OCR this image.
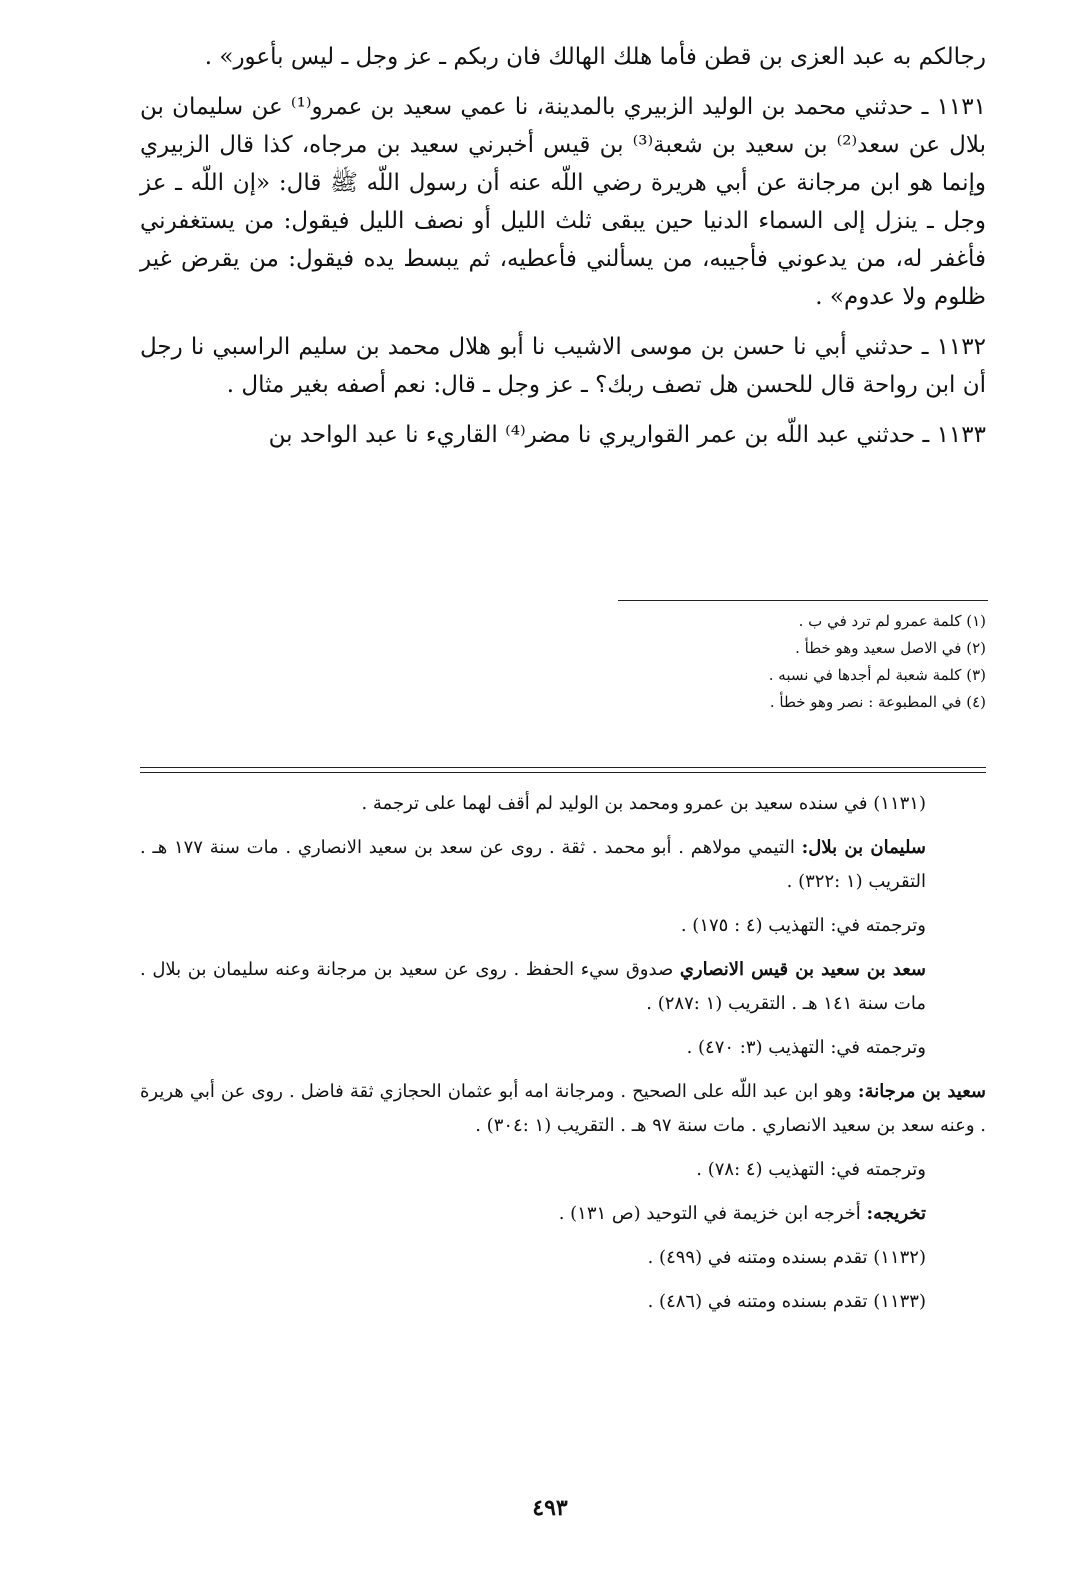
رجالكم به عبد العزى بن قطن فأما هلك الهالك فان ربكم ـ عز وجل ـ ليس بأعور» .

١١٣١ ـ حدثني محمد بن الوليد الزبيري بالمدينة، نا عمي سعيد بن عمرو⁽¹⁾ عن سليمان بن بلال عن سعد⁽²⁾ بن سعيد بن شعبة⁽³⁾ بن قيس أخبرني سعيد بن مرجاه، كذا قال الزبيري وإنما هو ابن مرجانة عن أبي هريرة رضي اللّه عنه أن رسول اللّه ﷺ قال: «إن اللّه ـ عز وجل ـ ينزل إلى السماء الدنيا حين يبقى ثلث الليل أو نصف الليل فيقول: من يستغفرني فأغفر له، من يدعوني فأجيبه، من يسألني فأعطيه، ثم يبسط يده فيقول: من يقرض غير ظلوم ولا عدوم» .

١١٣٢ ـ حدثني أبي نا حسن بن موسى الاشيب نا أبو هلال محمد بن سليم الراسبي نا رجل أن ابن رواحة قال للحسن هل تصف ربك؟ ـ عز وجل ـ قال: نعم أصفه بغير مثال .

١١٣٣ ـ حدثني عبد اللّه بن عمر القواريري نا مضر⁽⁴⁾ القاريء نا عبد الواحد بن

(١) كلمة عمرو لم ترد في ب .
(٢) في الاصل سعيد وهو خطأ .
(٣) كلمة شعبة لم أجدها في نسبه .
(٤) في المطبوعة : نصر وهو خطأ .

(١١٣١) في سنده سعيد بن عمرو ومحمد بن الوليد لم أقف لهما على ترجمة .

سليمان بن بلال: التيمي مولاهم . أبو محمد . ثقة . روى عن سعد بن سعيد الانصاري . مات سنة ١٧٧ هـ . التقريب (١ :٣٢٢) .

وترجمته في: التهذيب (٤ : ١٧٥) .

سعد بن سعيد بن قيس الانصاري صدوق سيء الحفظ . روى عن سعيد بن مرجانة وعنه سليمان بن بلال . مات سنة ١٤١ هـ . التقريب (١ :٢٨٧) .

وترجمته في: التهذيب (٣: ٤٧٠) .

سعيد بن مرجانة: وهو ابن عبد اللّه على الصحيح . ومرجانة امه أبو عثمان الحجازي ثقة فاضل . روى عن أبي هريرة . وعنه سعد بن سعيد الانصاري . مات سنة ٩٧ هـ . التقريب (١ :٣٠٤) .

وترجمته في: التهذيب (٤ :٧٨) .

تخريجه: أخرجه ابن خزيمة في التوحيد (ص ١٣١) .

(١١٣٢) تقدم بسنده ومتنه في (٤٩٩) .

(١١٣٣) تقدم بسنده ومتنه في (٤٨٦) .

٤٩٣
